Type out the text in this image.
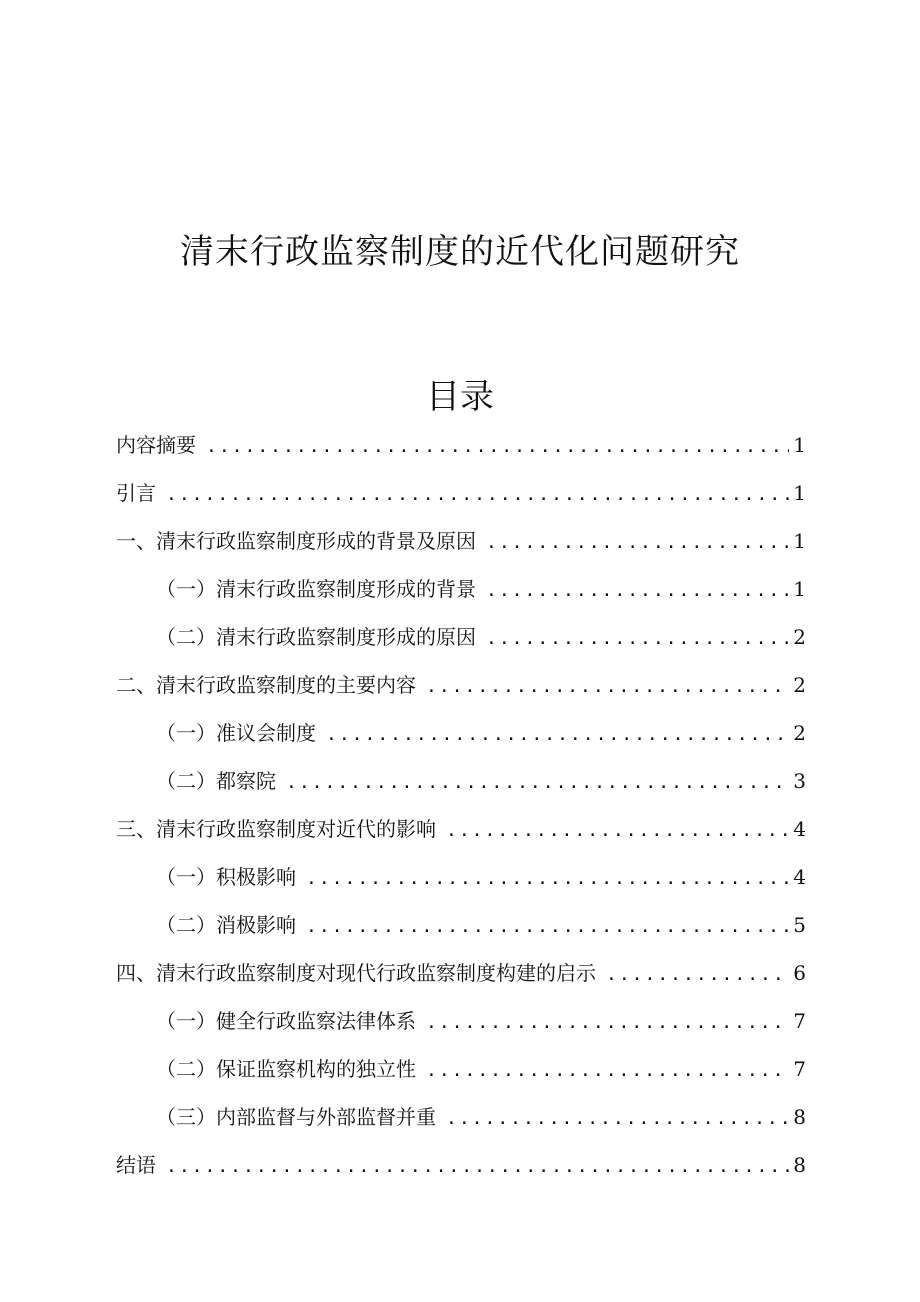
清末行政监察制度的近代化问题研究
目录
内容摘要 .....	1
引言 .....	1
一、清末行政监察制度形成的背景及原因 .....	1
（一）清末行政监察制度形成的背景 .....	1
（二）清末行政监察制度形成的原因 .....	2
二、清末行政监察制度的主要内容 .....	2
（一）准议会制度 .....	2
（二）都察院 .....	3
三、清末行政监察制度对近代的影响 .....	4
（一）积极影响 .....	4
（二）消极影响 .....	5
四、清末行政监察制度对现代行政监察制度构建的启示 .....	6
（一）健全行政监察法律体系 .....	7
（二）保证监察机构的独立性 .....	7
（三）内部监督与外部监督并重 .....	8
结语 .....	8
